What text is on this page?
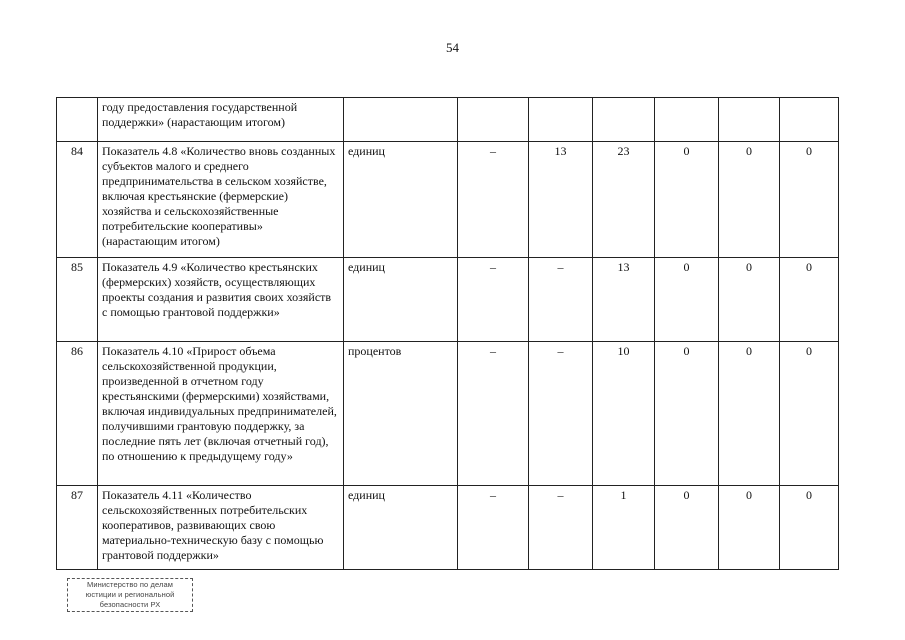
54
	году предоставления государственной поддержки» (нарастающим итогом)							
84	Показатель 4.8 «Количество вновь созданных субъектов малого и среднего предпринимательства в сельском хозяйстве, включая крестьянские (фермерские) хозяйства и сельскохозяйственные потребительские кооперативы» (нарастающим итогом)	единиц	–	13	23	0	0	0
85	Показатель 4.9 «Количество крестьянских (фермерских) хозяйств, осуществляющих проекты создания и развития своих хозяйств с помощью грантовой поддержки»	единиц	–	–	13	0	0	0
86	Показатель 4.10 «Прирост объема сельскохозяйственной продукции, произведенной в отчетном году крестьянскими (фермерскими) хозяйствами, включая индивидуальных предпринимателей, получившими грантовую поддержку, за последние пять лет (включая отчетный год), по отношению к предыдущему году»	процентов	–	–	10	0	0	0
87	Показатель 4.11 «Количество сельскохозяйственных потребительских кооперативов, развивающих свою материально-техническую базу с помощью грантовой поддержки»	единиц	–	–	1	0	0	0
Министерство по делам
юстиции и региональной
безопасности РХ
